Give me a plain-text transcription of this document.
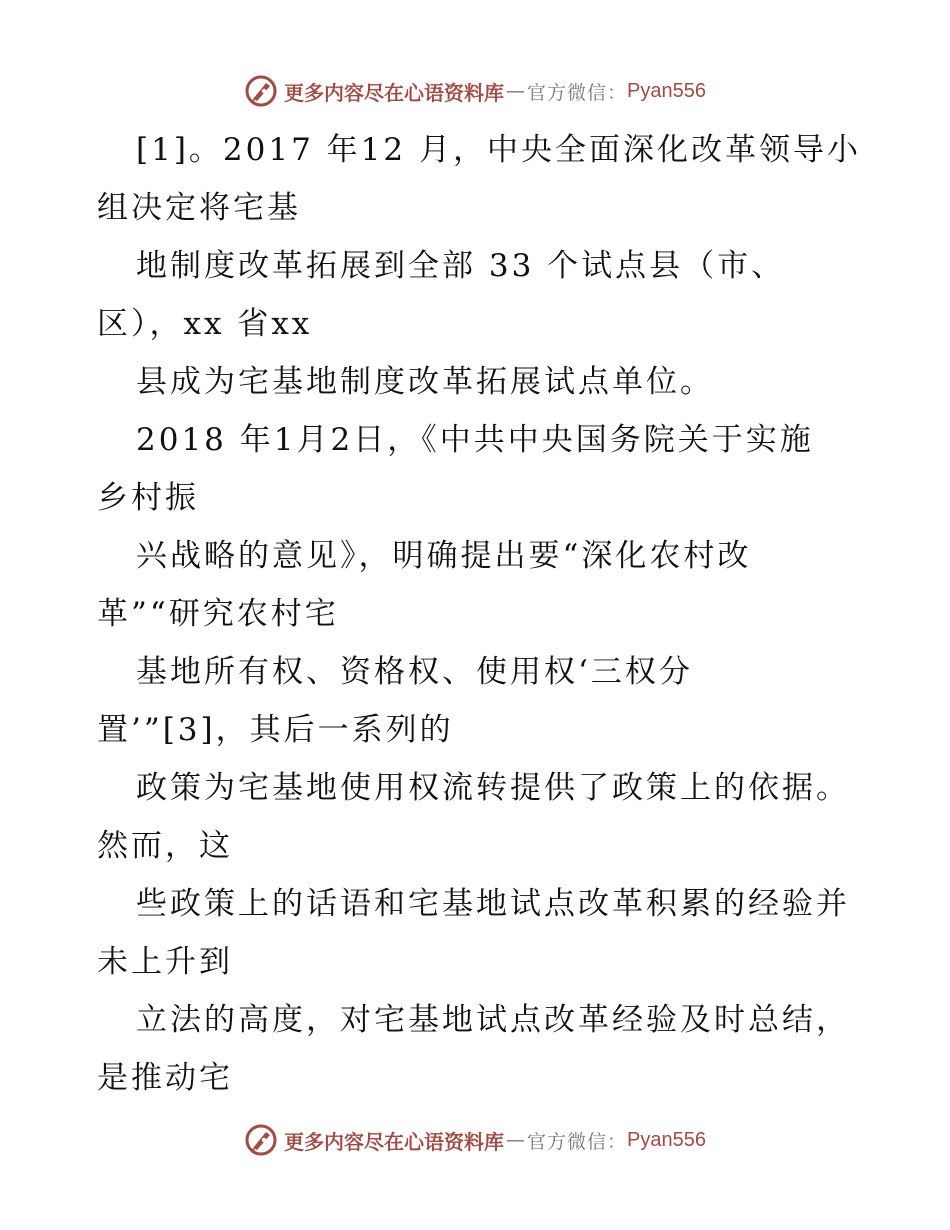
更多内容尽在心语资料库 — 官方微信： Pyan556
[1]。2017 年12 月，中央全面深化改革领导小
组决定将宅基
地制度改革拓展到全部 33 个试点县（市、
区），xx 省xx
县成为宅基地制度改革拓展试点单位。
2018 年1月2日，《中共中央国务院关于实施
乡村振
兴战略的意见》，明确提出要“深化农村改
革”“研究农村宅
基地所有权、资格权、使用权‘三权分
置’”[3]，其后一系列的
政策为宅基地使用权流转提供了政策上的依据。
然而，这
些政策上的话语和宅基地试点改革积累的经验并
未上升到
立法的高度，对宅基地试点改革经验及时总结，
是推动宅
更多内容尽在心语资料库 — 官方微信： Pyan556
